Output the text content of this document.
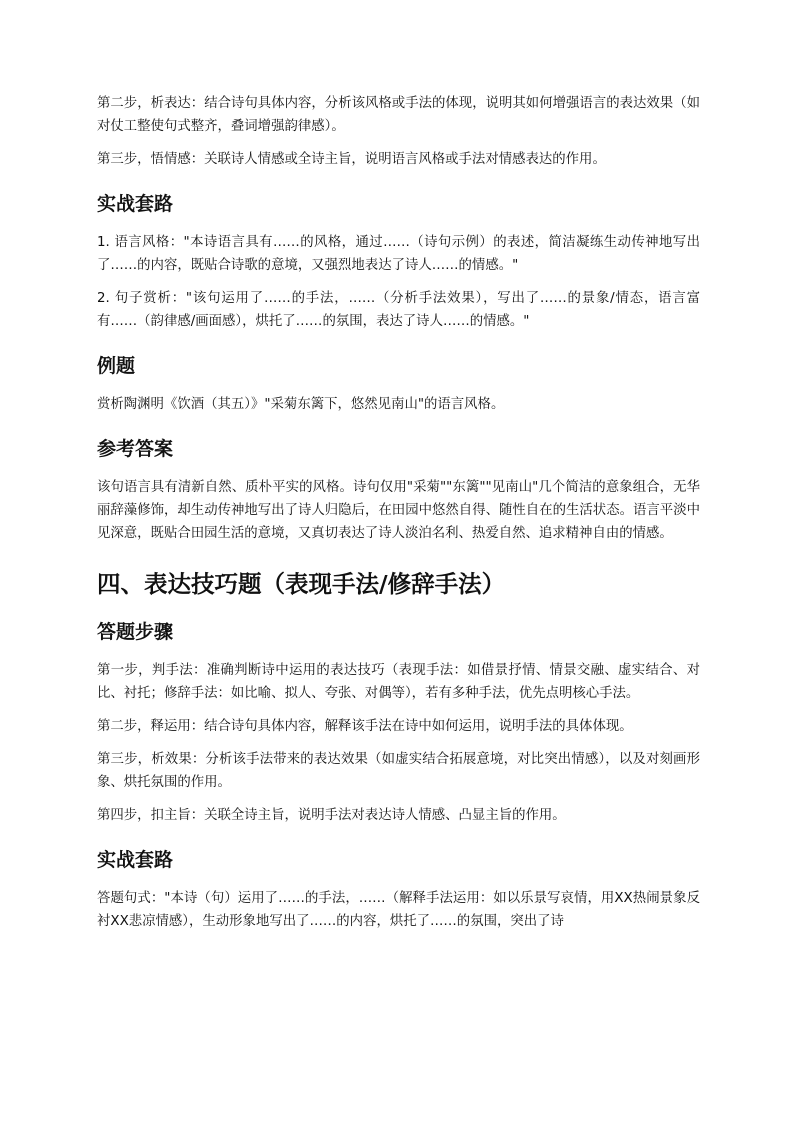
第二步，析表达：结合诗句具体内容，分析该风格或手法的体现，说明其如何增强语言的表达效果（如对仗工整使句式整齐，叠词增强韵律感）。

第三步，悟情感：关联诗人情感或全诗主旨，说明语言风格或手法对情感表达的作用。

实战套路

1. 语言风格："本诗语言具有……的风格，通过……（诗句示例）的表述，简洁凝练生动传神地写出了……的内容，既贴合诗歌的意境，又强烈地表达了诗人……的情感。"

2. 句子赏析："该句运用了……的手法，……（分析手法效果），写出了……的景象/情态，语言富有……（韵律感/画面感），烘托了……的氛围，表达了诗人……的情感。"

例题

赏析陶渊明《饮酒（其五）》"采菊东篱下，悠然见南山"的语言风格。

参考答案

该句语言具有清新自然、质朴平实的风格。诗句仅用"采菊""东篱""见南山"几个简洁的意象组合，无华丽辞藻修饰，却生动传神地写出了诗人归隐后，在田园中悠然自得、随性自在的生活状态。语言平淡中见深意，既贴合田园生活的意境，又真切表达了诗人淡泊名利、热爱自然、追求精神自由的情感。

四、表达技巧题（表现手法/修辞手法）
答题步骤

第一步，判手法：准确判断诗中运用的表达技巧（表现手法：如借景抒情、情景交融、虚实结合、对比、衬托；修辞手法：如比喻、拟人、夸张、对偶等），若有多种手法，优先点明核心手法。

第二步，释运用：结合诗句具体内容，解释该手法在诗中如何运用，说明手法的具体体现。

第三步，析效果：分析该手法带来的表达效果（如虚实结合拓展意境，对比突出情感），以及对刻画形象、烘托氛围的作用。

第四步，扣主旨：关联全诗主旨，说明手法对表达诗人情感、凸显主旨的作用。

实战套路

答题句式："本诗（句）运用了……的手法，……（解释手法运用：如以乐景写哀情，用XX热闹景象反衬XX悲凉情感），生动形象地写出了……的内容，烘托了……的氛围，突出了诗
